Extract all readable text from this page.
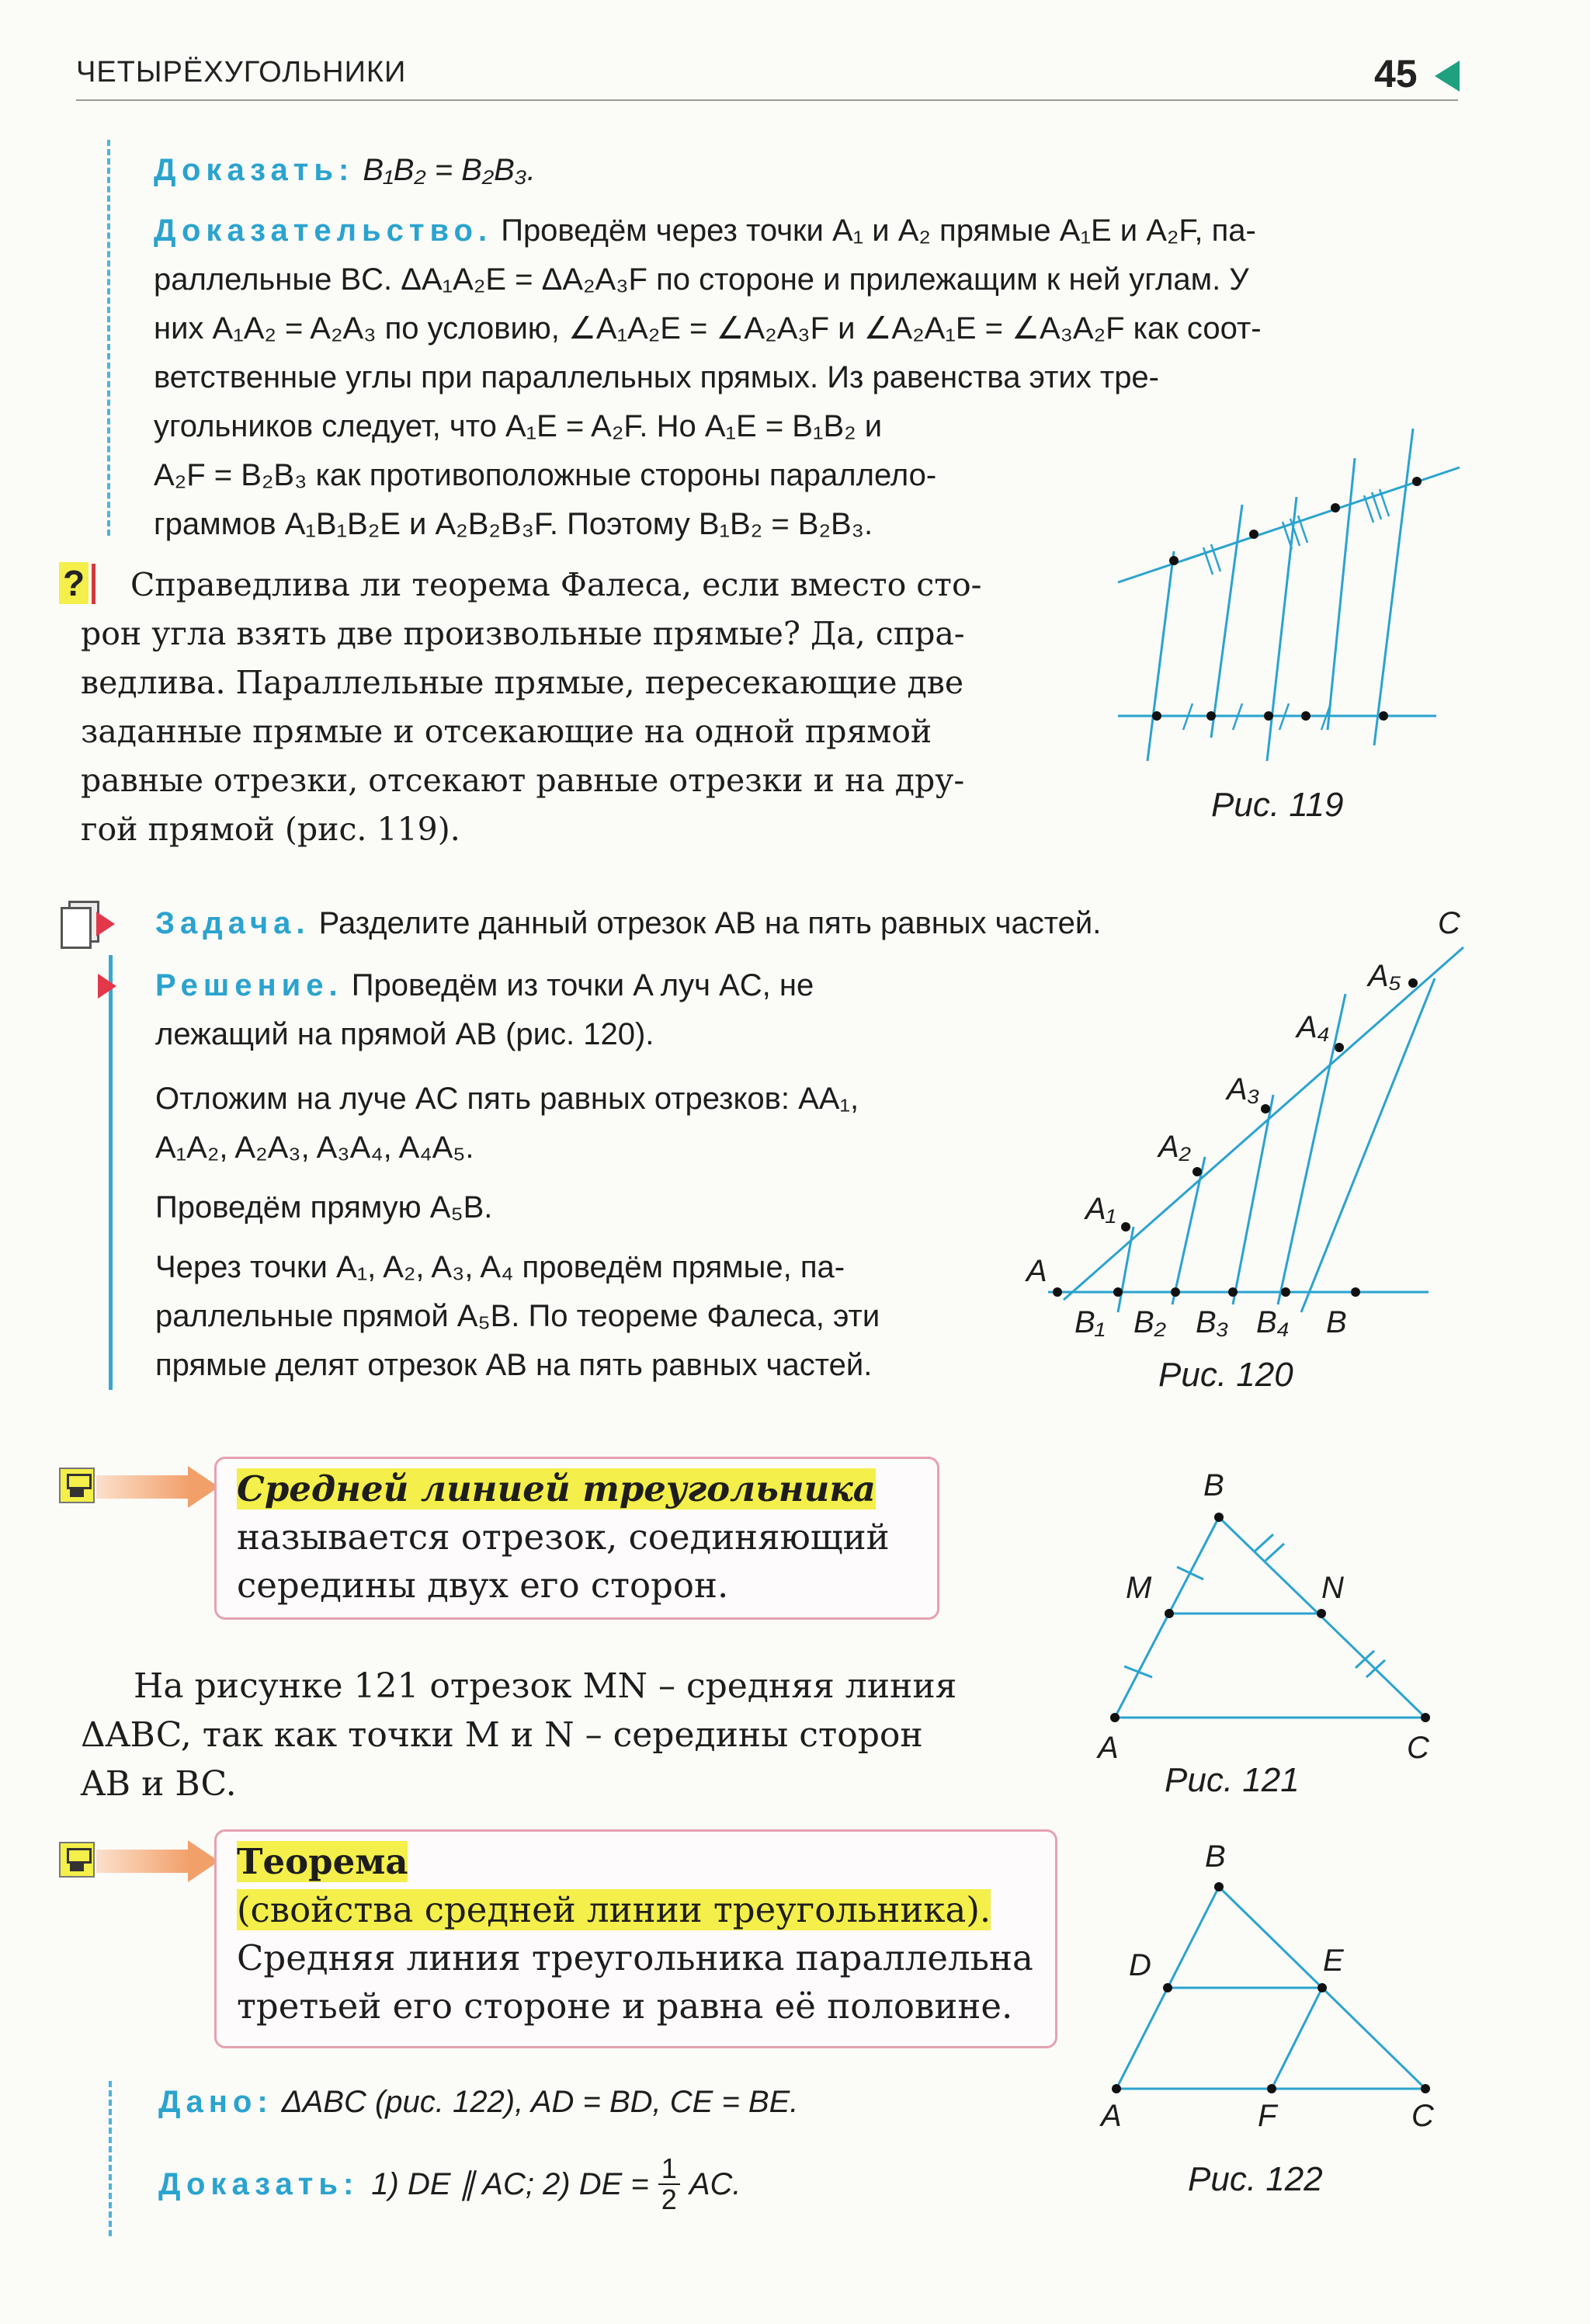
ЧЕТЫРЁХУГОЛЬНИКИ	45
Доказать: B₁B₂ = B₂B₃.
Доказательство. Проведём через точки A₁ и A₂ прямые A₁E и A₂F, па-
раллельные BC. ΔA₁A₂E = ΔA₂A₃F по стороне и прилежащим к ней углам. У
них A₁A₂ = A₂A₃ по условию, ∠A₁A₂E = ∠A₂A₃F и ∠A₂A₁E = ∠A₃A₂F как соот-
ветственные углы при параллельных прямых. Из равенства этих тре-
угольников следует, что A₁E = A₂F. Но A₁E = B₁B₂ и
A₂F = B₂B₃ как противоположные стороны параллело-
граммов A₁B₁B₂E и A₂B₂B₃F. Поэтому B₁B₂ = B₂B₃.
?	Справедлива ли теорема Фалеса, если вместо сто-
рон угла взять две произвольные прямые? Да, спра-
ведлива. Параллельные прямые, пересекающие две
заданные прямые и отсекающие на одной прямой
равные отрезки, отсекают равные отрезки и на дру-
гой прямой (рис. 119).
Рис. 119
Задача. Разделите данный отрезок AB на пять равных частей.
Решение. Проведём из точки A луч AC, не
лежащий на прямой AB (рис. 120).
Отложим на луче AC пять равных отрезков: AA₁,
A₁A₂, A₂A₃, A₃A₄, A₄A₅.
Проведём прямую A₅B.
Через точки A₁, A₂, A₃, A₄ проведём прямые, па-
раллельные прямой A₅B. По теореме Фалеса, эти
прямые делят отрезок AB на пять равных частей.
C
A₅
A₄
A₃
A₂
A₁
A
B₁ B₂ B₃ B₄ B
Рис. 120
Средней линией треугольника
называется отрезок, соединяющий
середины двух его сторон.
B
M	N
A	C
Рис. 121
На рисунке 121 отрезок MN – средняя линия
ΔABC, так как точки M и N – середины сторон
AB и BC.
Теорема
(свойства средней линии треугольника).
Средняя линия треугольника параллельна
третьей его стороне и равна её половине.
B
D	E
A	F	C
Рис. 122
Дано: ΔABC (рис. 122), AD = BD, CE = BE.
Доказать: 1) DE ∥ AC; 2) DE = $\frac{1}{2}$ AC.
